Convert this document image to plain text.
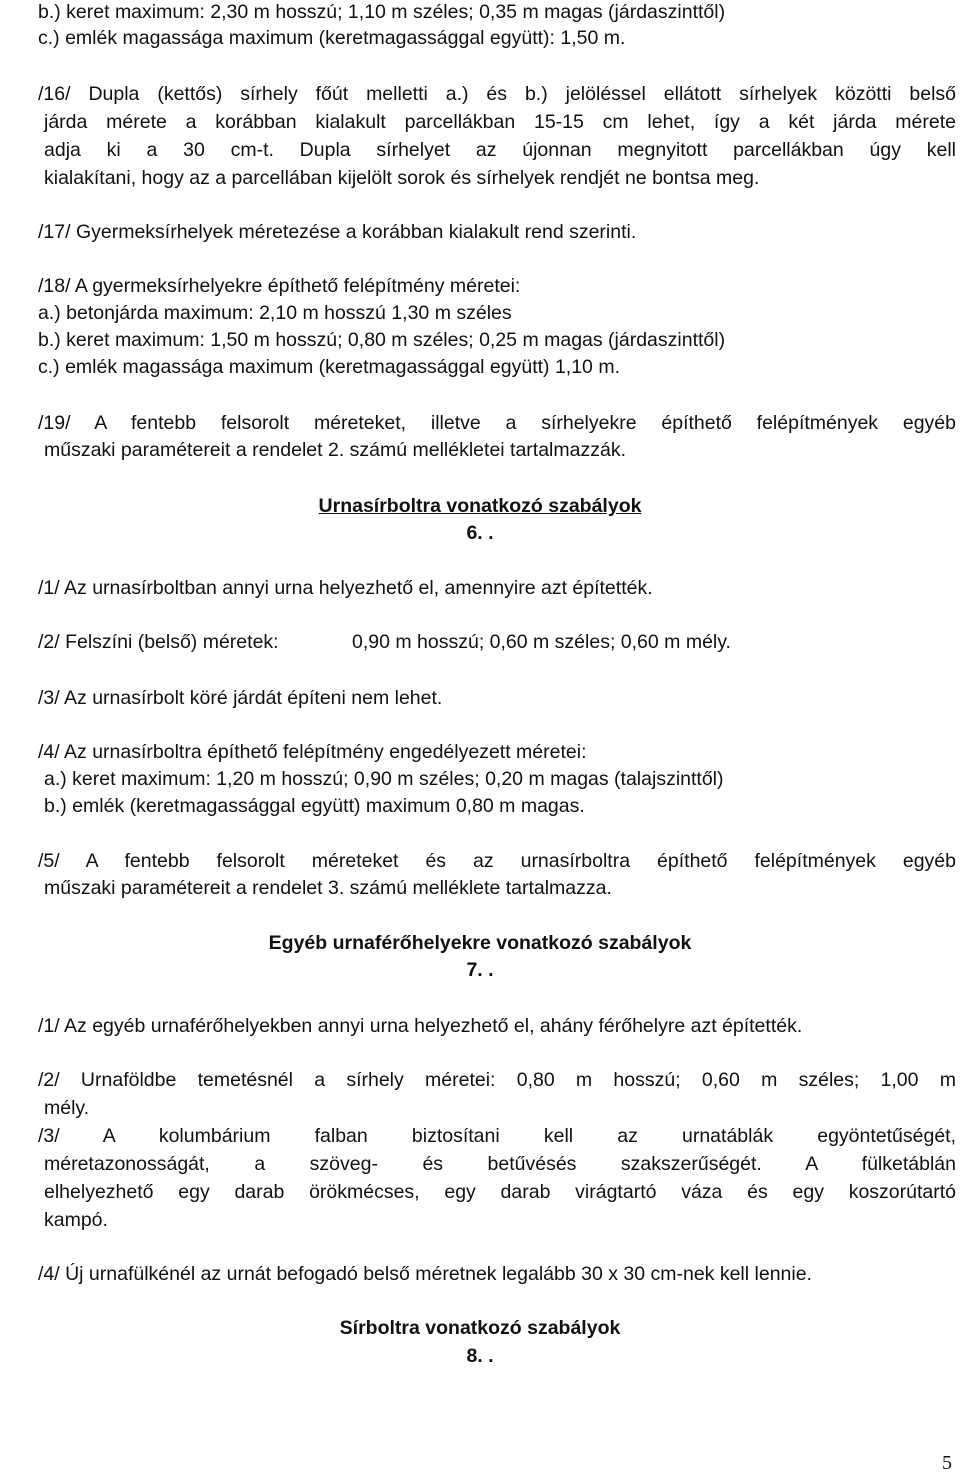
b.) keret maximum: 2,30 m hosszú; 1,10 m széles; 0,35 m magas (járdaszinttől)
c.) emlék magassága maximum (keretmagassággal együtt): 1,50 m.
/16/ Dupla (kettős) sírhely főút melletti a.) és b.) jelöléssel ellátott sírhelyek közötti belső
járda mérete a korábban kialakult parcellákban 15-15 cm lehet, így a két járda mérete
adja ki a 30 cm-t. Dupla sírhelyet az újonnan megnyitott parcellákban úgy kell
kialakítani, hogy az a parcellában kijelölt sorok és sírhelyek rendjét ne bontsa meg.
/17/ Gyermeksírhelyek méretezése a korábban kialakult rend szerinti.
/18/ A gyermeksírhelyekre építhető felépítmény méretei:
a.) betonjárda maximum: 2,10 m hosszú 1,30 m széles
b.) keret maximum: 1,50 m hosszú; 0,80 m széles; 0,25 m magas (járdaszinttől)
c.) emlék magassága maximum (keretmagassággal együtt) 1,10 m.
/19/ A fentebb felsorolt méreteket, illetve a sírhelyekre építhető felépítmények egyéb
műszaki paramétereit a rendelet 2. számú mellékletei tartalmazzák.
Urnasírboltra vonatkozó szabályok
6. .
/1/ Az urnasírboltban annyi urna helyezhető el, amennyire azt építették.
/2/ Felszíni (belső) méretek:	0,90 m hosszú; 0,60 m széles; 0,60 m mély.
/3/ Az urnasírbolt köré járdát építeni nem lehet.
/4/ Az urnasírboltra építhető felépítmény engedélyezett méretei:
a.) keret maximum: 1,20 m hosszú; 0,90 m széles; 0,20 m magas (talajszinttől)
b.) emlék (keretmagassággal együtt) maximum 0,80 m magas.
/5/ A fentebb felsorolt méreteket és az urnasírboltra építhető felépítmények egyéb
műszaki paramétereit a rendelet 3. számú melléklete tartalmazza.
Egyéb urnaférőhelyekre vonatkozó szabályok
7. .
/1/ Az egyéb urnaférőhelyekben annyi urna helyezhető el, ahány férőhelyre azt építették.
/2/ Urnaföldbe temetésnél a sírhely méretei: 0,80 m hosszú; 0,60 m széles; 1,00 m
mély.
/3/ A kolumbárium falban biztosítani kell az urnatáblák egyöntetűségét,
méretazonosságát, a szöveg- és betűvésés szakszerűségét. A fülketáblán
elhelyezhető egy darab örökmécses, egy darab virágtartó váza és egy koszorútartó
kampó.
/4/ Új urnafülkénél az urnát befogadó belső méretnek legalább 30 x 30 cm-nek kell lennie.
Sírboltra vonatkozó szabályok
8. .
5
